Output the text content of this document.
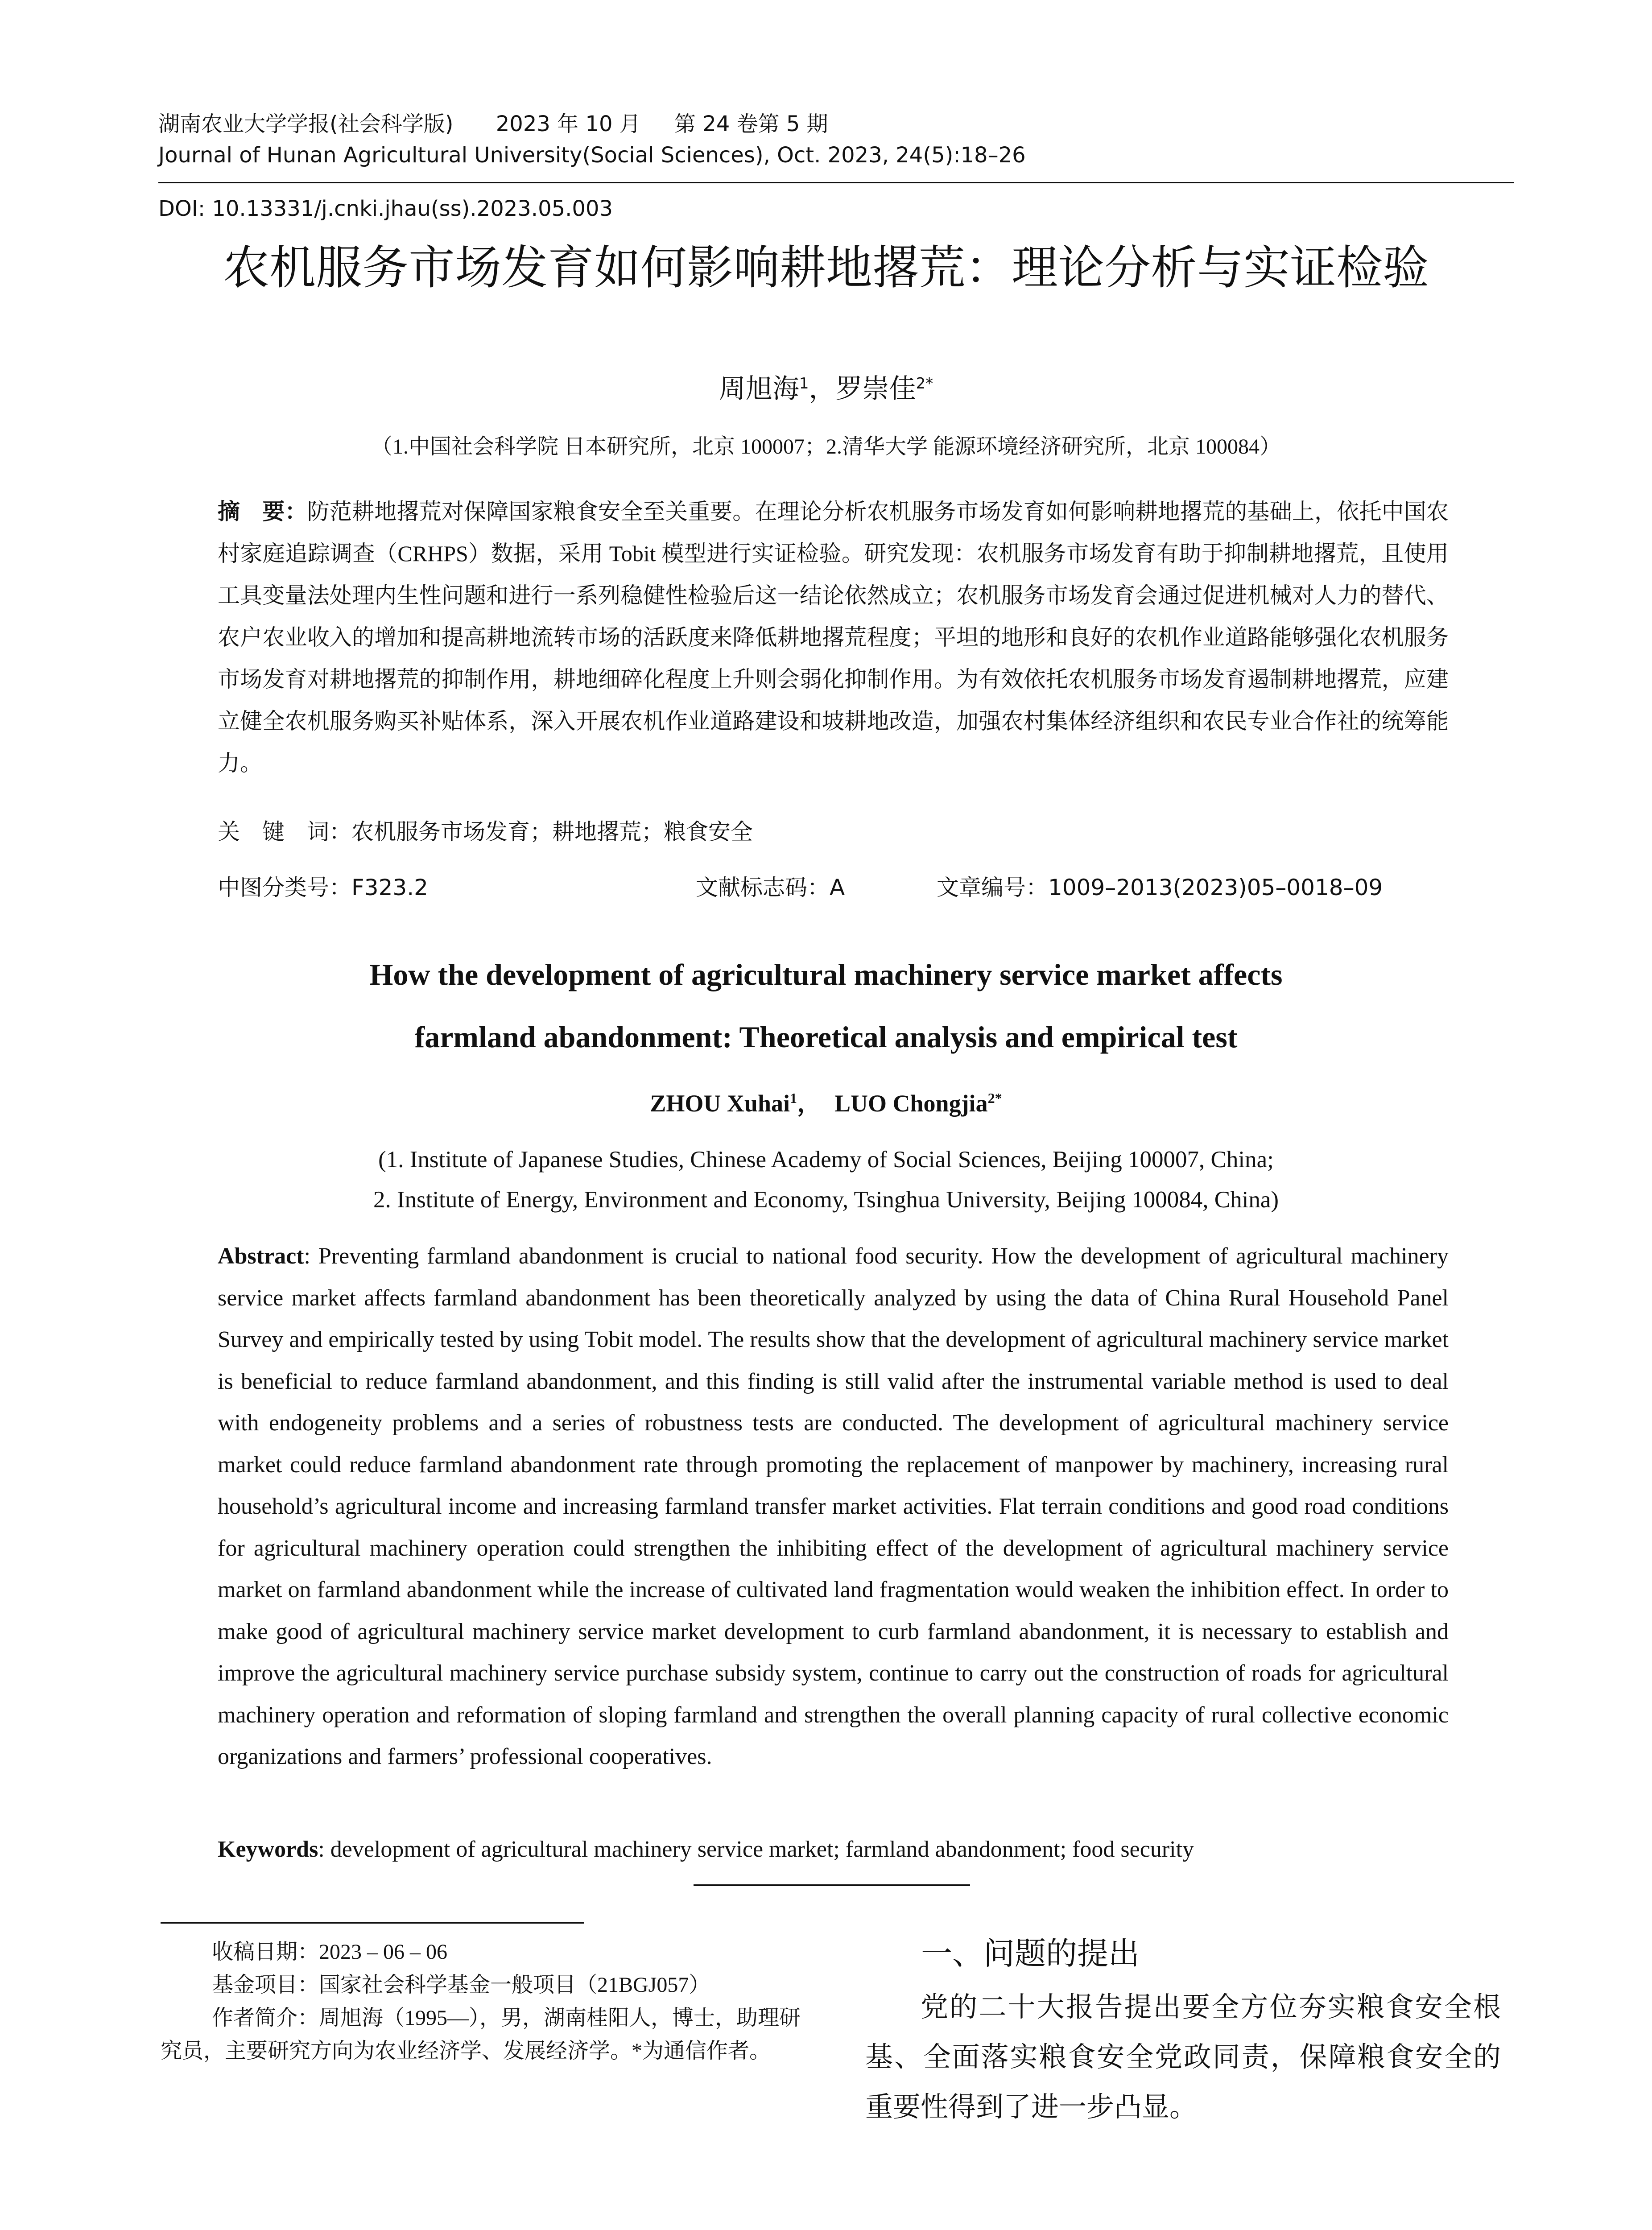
湖南农业大学学报(社会科学版) 2023 年 10 月 第 24 卷第 5 期
Journal of Hunan Agricultural University(Social Sciences), Oct. 2023, 24(5):18–26
DOI: 10.13331/j.cnki.jhau(ss).2023.05.003
农机服务市场发育如何影响耕地撂荒：理论分析与实证检验
周旭海$^1$，罗崇佳$^{2*}$
（1.中国社会科学院 日本研究所，北京 100007；2.清华大学 能源环境经济研究所，北京 100084）
摘　要：防范耕地撂荒对保障国家粮食安全至关重要。在理论分析农机服务市场发育如何影响耕地撂荒的基础上，依托中国农村家庭追踪调查（CRHPS）数据，采用 Tobit 模型进行实证检验。研究发现：农机服务市场发育有助于抑制耕地撂荒，且使用工具变量法处理内生性问题和进行一系列稳健性检验后这一结论依然成立；农机服务市场发育会通过促进机械对人力的替代、农户农业收入的增加和提高耕地流转市场的活跃度来降低耕地撂荒程度；平坦的地形和良好的农机作业道路能够强化农机服务市场发育对耕地撂荒的抑制作用，耕地细碎化程度上升则会弱化抑制作用。为有效依托农机服务市场发育遏制耕地撂荒，应建立健全农机服务购买补贴体系，深入开展农机作业道路建设和坡耕地改造，加强农村集体经济组织和农民专业合作社的统筹能力。
关　键　词：农机服务市场发育；耕地撂荒；粮食安全
中图分类号：F323.2	文献标志码：A	文章编号：1009–2013(2023)05–0018–09
How the development of agricultural machinery service market affects
farmland abandonment: Theoretical analysis and empirical test
ZHOU Xuhai$^1$， LUO Chongjia$^{2*}$
(1. Institute of Japanese Studies, Chinese Academy of Social Sciences, Beijing 100007, China;
2. Institute of Energy, Environment and Economy, Tsinghua University, Beijing 100084, China)
Abstract: Preventing farmland abandonment is crucial to national food security. How the development of agricultural machinery service market affects farmland abandonment has been theoretically analyzed by using the data of China Rural Household Panel Survey and empirically tested by using Tobit model. The results show that the development of agricultural machinery service market is beneficial to reduce farmland abandonment, and this finding is still valid after the instrumental variable method is used to deal with endogeneity problems and a series of robustness tests are conducted. The development of agricultural machinery service market could reduce farmland abandonment rate through promoting the replacement of manpower by machinery, increasing rural household’s agricultural income and increasing farmland transfer market activities. Flat terrain conditions and good road conditions for agricultural machinery operation could strengthen the inhibiting effect of the development of agricultural machinery service market on farmland abandonment while the increase of cultivated land fragmentation would weaken the inhibition effect. In order to make good of agricultural machinery service market development to curb farmland abandonment, it is necessary to establish and improve the agricultural machinery service purchase subsidy system, continue to carry out the construction of roads for agricultural machinery operation and reformation of sloping farmland and strengthen the overall planning capacity of rural collective economic organizations and farmers’ professional cooperatives.
Keywords: development of agricultural machinery service market; farmland abandonment; food security

收稿日期：2023 – 06 – 06

基金项目：国家社会科学基金一般项目（21BGJ057）

作者简介：周旭海（1995—），男，湖南桂阳人，博士，助理研究员，主要研究方向为农业经济学、发展经济学。*为通信作者。

一、问题的提出
党的二十大报告提出要全方位夯实粮食安全根基、全面落实粮食安全党政同责，保障粮食安全的重要性得到了进一步凸显。
